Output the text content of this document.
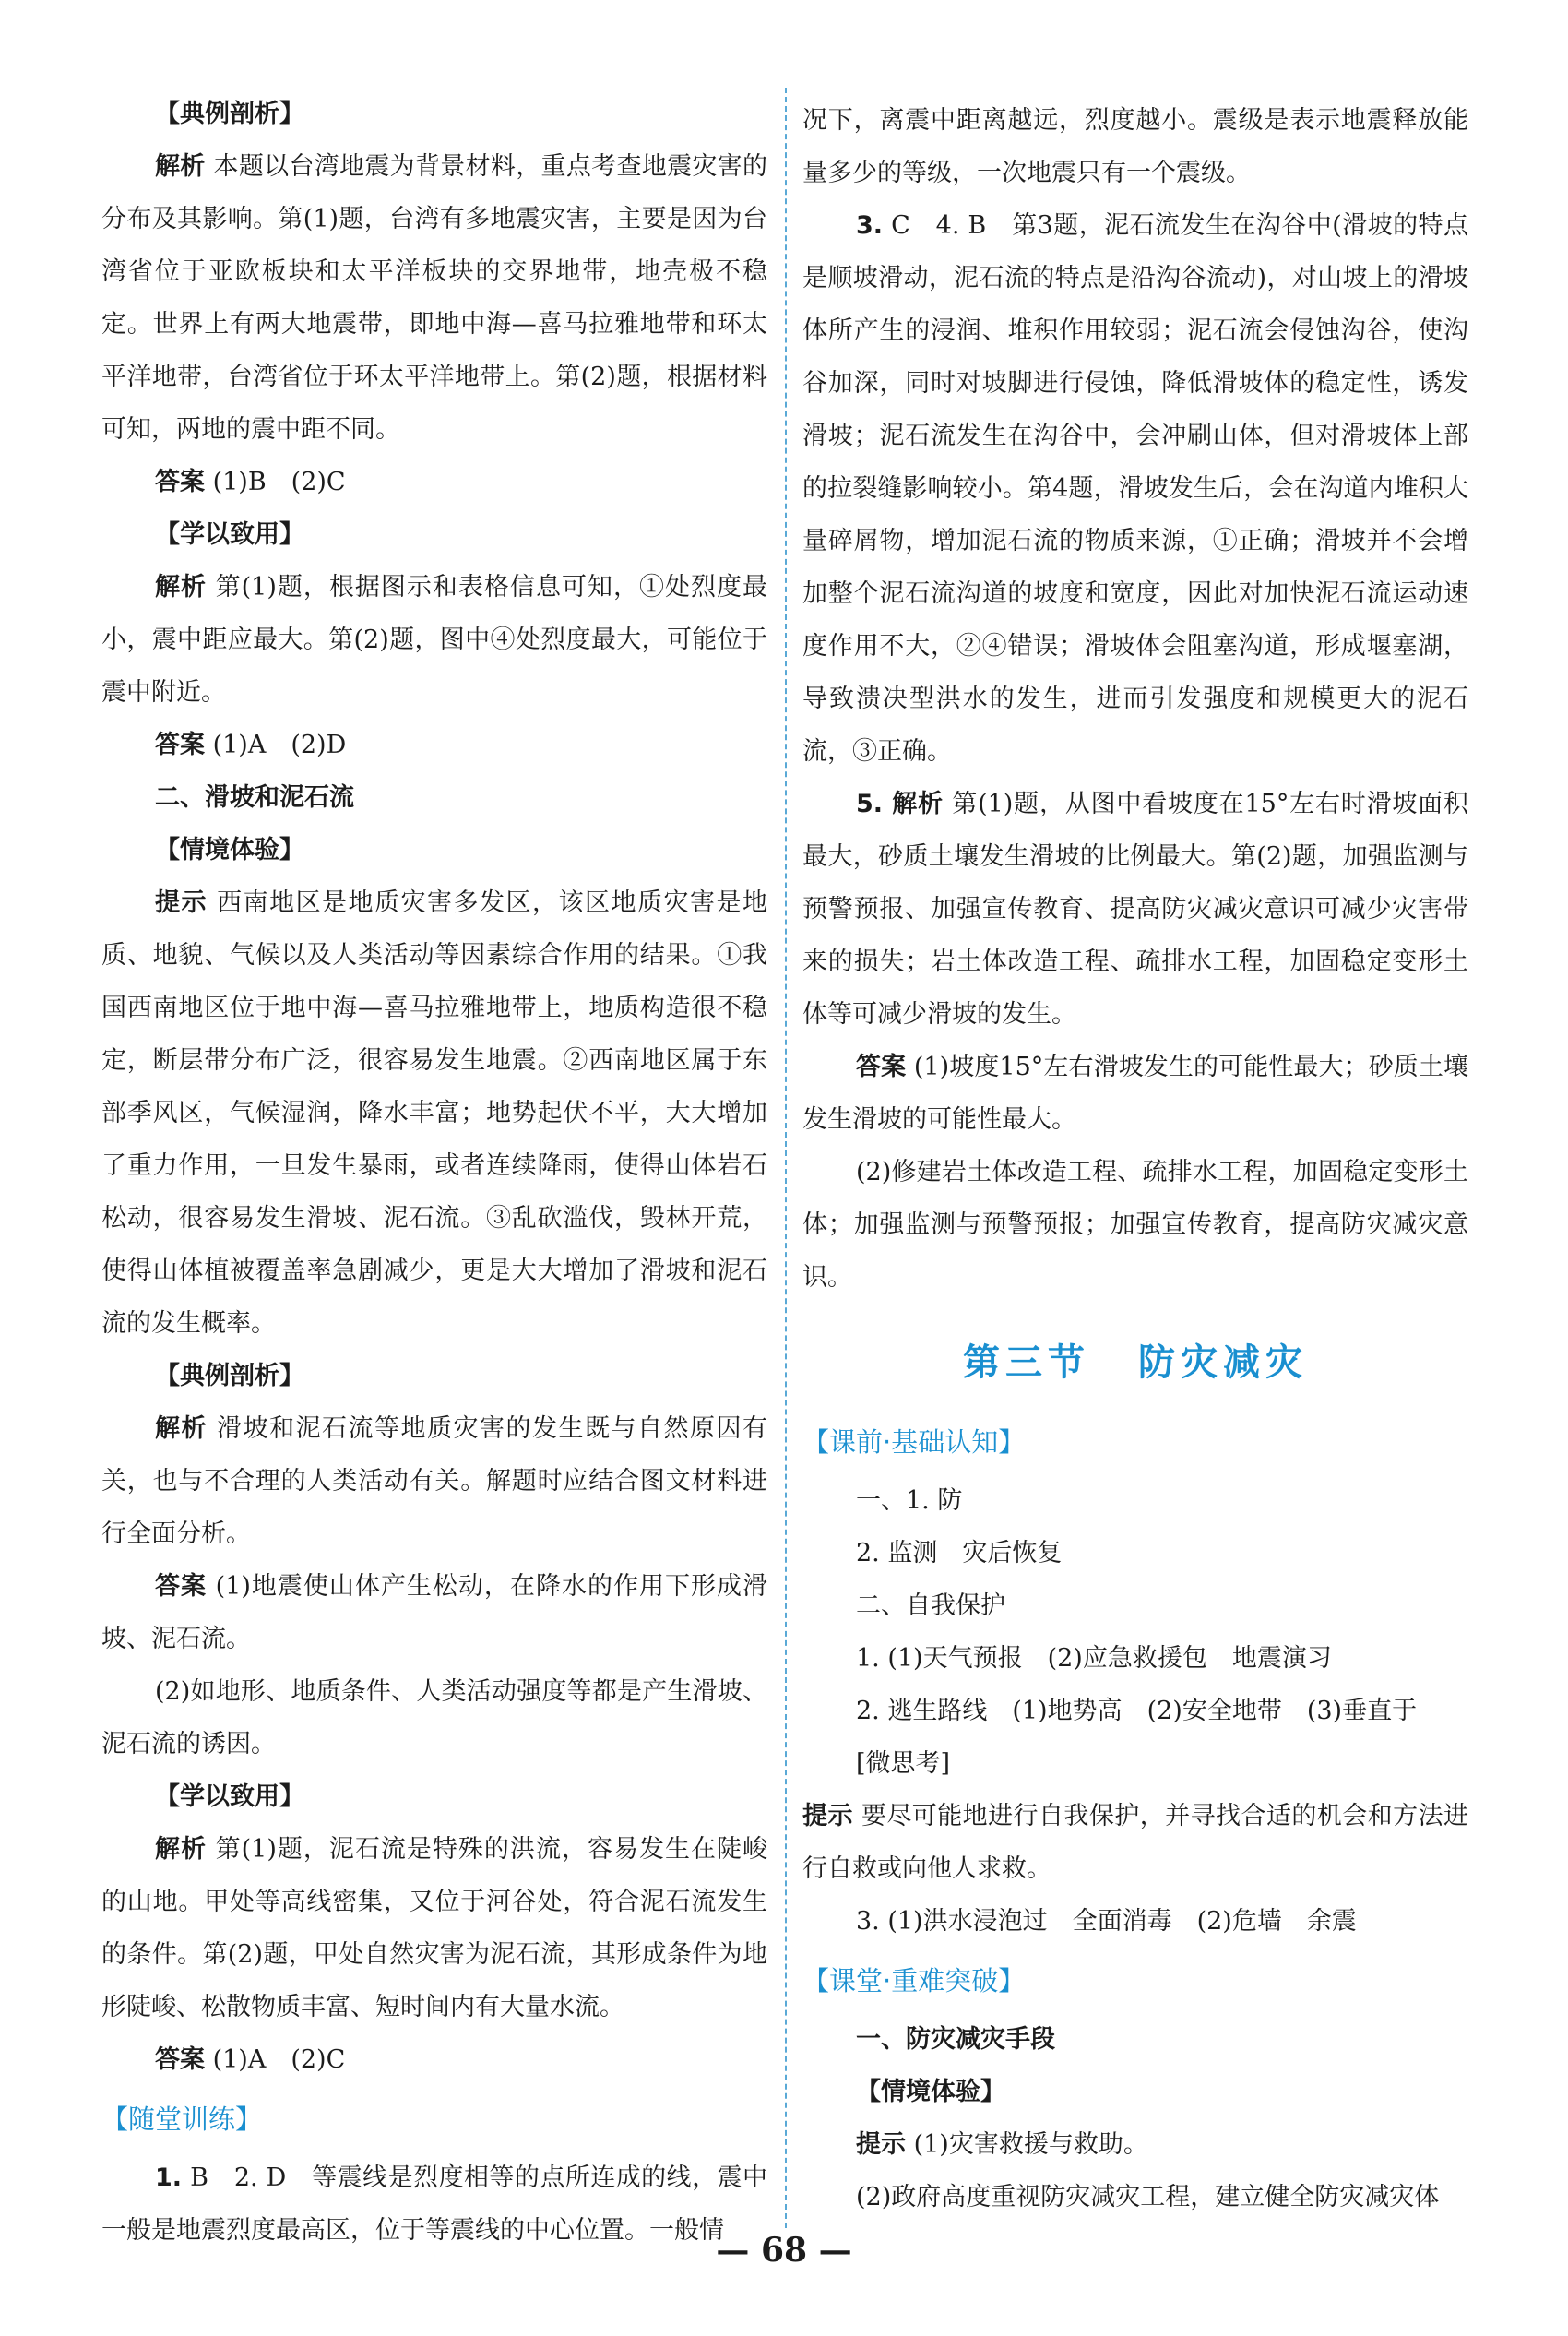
【典例剖析】

解析 本题以台湾地震为背景材料，重点考查地震灾害的分布及其影响。第(1)题，台湾有多地震灾害，主要是因为台湾省位于亚欧板块和太平洋板块的交界地带，地壳极不稳定。世界上有两大地震带，即地中海—喜马拉雅地带和环太平洋地带，台湾省位于环太平洋地带上。第(2)题，根据材料可知，两地的震中距不同。

答案 (1)B　(2)C

【学以致用】

解析 第(1)题，根据图示和表格信息可知，①处烈度最小，震中距应最大。第(2)题，图中④处烈度最大，可能位于震中附近。

答案 (1)A　(2)D

二、滑坡和泥石流

【情境体验】

提示 西南地区是地质灾害多发区，该区地质灾害是地质、地貌、气候以及人类活动等因素综合作用的结果。①我国西南地区位于地中海—喜马拉雅地带上，地质构造很不稳定，断层带分布广泛，很容易发生地震。②西南地区属于东部季风区，气候湿润，降水丰富；地势起伏不平，大大增加了重力作用，一旦发生暴雨，或者连续降雨，使得山体岩石松动，很容易发生滑坡、泥石流。③乱砍滥伐，毁林开荒，使得山体植被覆盖率急剧减少，更是大大增加了滑坡和泥石流的发生概率。

【典例剖析】

解析 滑坡和泥石流等地质灾害的发生既与自然原因有关，也与不合理的人类活动有关。解题时应结合图文材料进行全面分析。

答案 (1)地震使山体产生松动，在降水的作用下形成滑坡、泥石流。

(2)如地形、地质条件、人类活动强度等都是产生滑坡、泥石流的诱因。

【学以致用】

解析 第(1)题，泥石流是特殊的洪流，容易发生在陡峻的山地。甲处等高线密集，又位于河谷处，符合泥石流发生的条件。第(2)题，甲处自然灾害为泥石流，其形成条件为地形陡峻、松散物质丰富、短时间内有大量水流。

答案 (1)A　(2)C

【随堂训练】

1. B　2. D　等震线是烈度相等的点所连成的线，震中一般是地震烈度最高区，位于等震线的中心位置。一般情

况下，离震中距离越远，烈度越小。震级是表示地震释放能量多少的等级，一次地震只有一个震级。

3. C　4. B　第3题，泥石流发生在沟谷中(滑坡的特点是顺坡滑动，泥石流的特点是沿沟谷流动)，对山坡上的滑坡体所产生的浸润、堆积作用较弱；泥石流会侵蚀沟谷，使沟谷加深，同时对坡脚进行侵蚀，降低滑坡体的稳定性，诱发滑坡；泥石流发生在沟谷中，会冲刷山体，但对滑坡体上部的拉裂缝影响较小。第4题，滑坡发生后，会在沟道内堆积大量碎屑物，增加泥石流的物质来源，①正确；滑坡并不会增加整个泥石流沟道的坡度和宽度，因此对加快泥石流运动速度作用不大，②④错误；滑坡体会阻塞沟道，形成堰塞湖，导致溃决型洪水的发生，进而引发强度和规模更大的泥石流，③正确。

5. 解析 第(1)题，从图中看坡度在15°左右时滑坡面积最大，砂质土壤发生滑坡的比例最大。第(2)题，加强监测与预警预报、加强宣传教育、提高防灾减灾意识可减少灾害带来的损失；岩土体改造工程、疏排水工程，加固稳定变形土体等可减少滑坡的发生。

答案 (1)坡度15°左右滑坡发生的可能性最大；砂质土壤发生滑坡的可能性最大。

(2)修建岩土体改造工程、疏排水工程，加固稳定变形土体；加强监测与预警预报；加强宣传教育，提高防灾减灾意识。

第三节 防灾减灾

【课前·基础认知】

一、1. 防

2. 监测　灾后恢复

二、自我保护

1. (1)天气预报　(2)应急救援包　地震演习

2. 逃生路线　(1)地势高　(2)安全地带　(3)垂直于

[微思考]

提示 要尽可能地进行自我保护，并寻找合适的机会和方法进行自救或向他人求救。

3. (1)洪水浸泡过　全面消毒　(2)危墙　余震

【课堂·重难突破】

一、防灾减灾手段

【情境体验】

提示 (1)灾害救援与救助。

(2)政府高度重视防灾减灾工程，建立健全防灾减灾体

— 68 —
